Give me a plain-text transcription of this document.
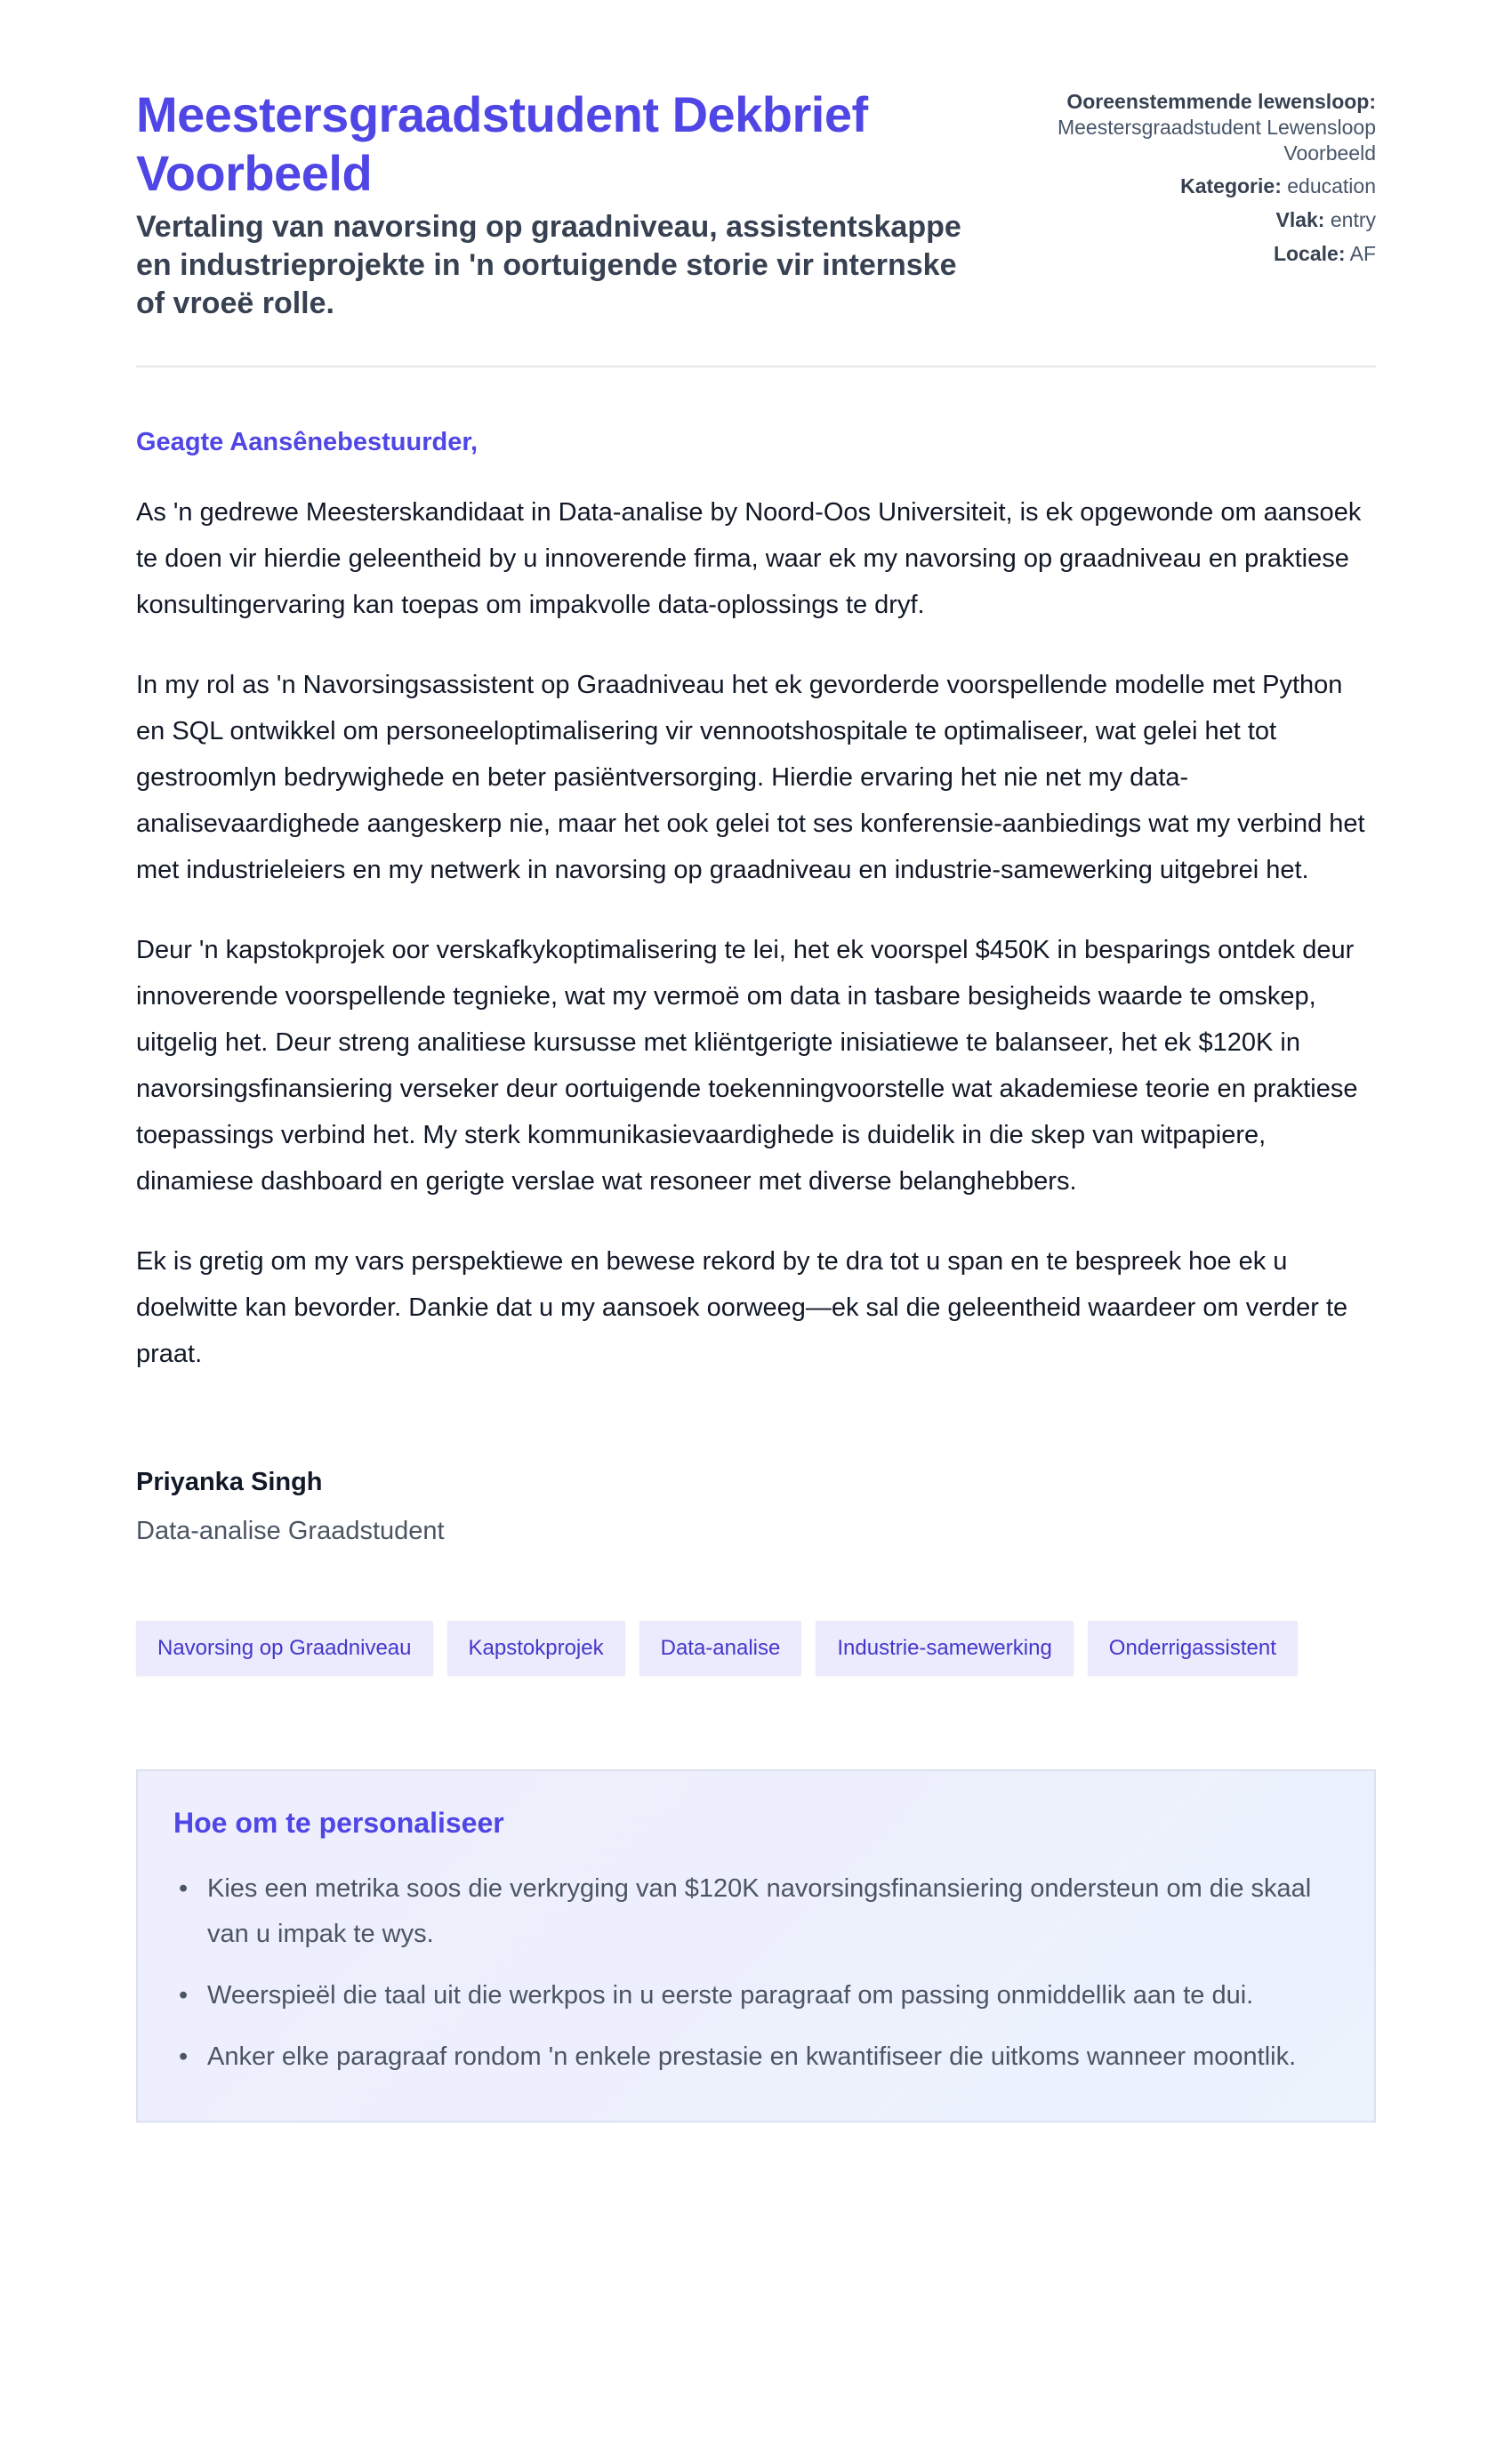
Meestersgraadstudent Dekbrief Voorbeeld

Vertaling van navorsing op graadniveau, assistentskappe en industrieprojekte in 'n oortuigende storie vir internske of vroeë rolle.

Ooreenstemmende lewensloop:
Meestersgraadstudent Lewensloop Voorbeeld
Kategorie: education
Vlak: entry
Locale: AF

Geagte Aansênebestuurder,

As 'n gedrewe Meesterskandidaat in Data-analise by Noord-Oos Universiteit, is ek opgewonde om aansoek te doen vir hierdie geleentheid by u innoverende firma, waar ek my navorsing op graadniveau en praktiese konsultingervaring kan toepas om impakvolle data-oplossings te dryf.

In my rol as 'n Navorsingsassistent op Graadniveau het ek gevorderde voorspellende modelle met Python en SQL ontwikkel om personeeloptimalisering vir vennootshospitale te optimaliseer, wat gelei het tot gestroomlyn bedrywighede en beter pasiëntversorging. Hierdie ervaring het nie net my data-analisevaardighede aangeskerp nie, maar het ook gelei tot ses konferensie-aanbiedings wat my verbind het met industrieleiers en my netwerk in navorsing op graadniveau en industrie-samewerking uitgebrei het.

Deur 'n kapstokprojek oor verskafkykoptimalisering te lei, het ek voorspel $450K in besparings ontdek deur innoverende voorspellende tegnieke, wat my vermoë om data in tasbare besigheids waarde te omskep, uitgelig het. Deur streng analitiese kursusse met kliëntgerigte inisiatiewe te balanseer, het ek $120K in navorsingsfinansiering verseker deur oortuigende toekenningvoorstelle wat akademiese teorie en praktiese toepassings verbind het. My sterk kommunikasievaardighede is duidelik in die skep van witpapiere, dinamiese dashboard en gerigte verslae wat resoneer met diverse belanghebbers.

Ek is gretig om my vars perspektiewe en bewese rekord by te dra tot u span en te bespreek hoe ek u doelwitte kan bevorder. Dankie dat u my aansoek oorweeg—ek sal die geleentheid waardeer om verder te praat.

Priyanka Singh

Data-analise Graadstudent

Navorsing op Graadniveau	Kapstokprojek	Data-analise	Industrie-samewerking	Onderrigassistent
Hoe om te personaliseer
• Kies een metrika soos die verkryging van $120K navorsingsfinansiering ondersteun om die skaal van u impak te wys.
• Weerspieël die taal uit die werkpos in u eerste paragraaf om passing onmiddellik aan te dui.
• Anker elke paragraaf rondom 'n enkele prestasie en kwantifiseer die uitkoms wanneer moontlik.
